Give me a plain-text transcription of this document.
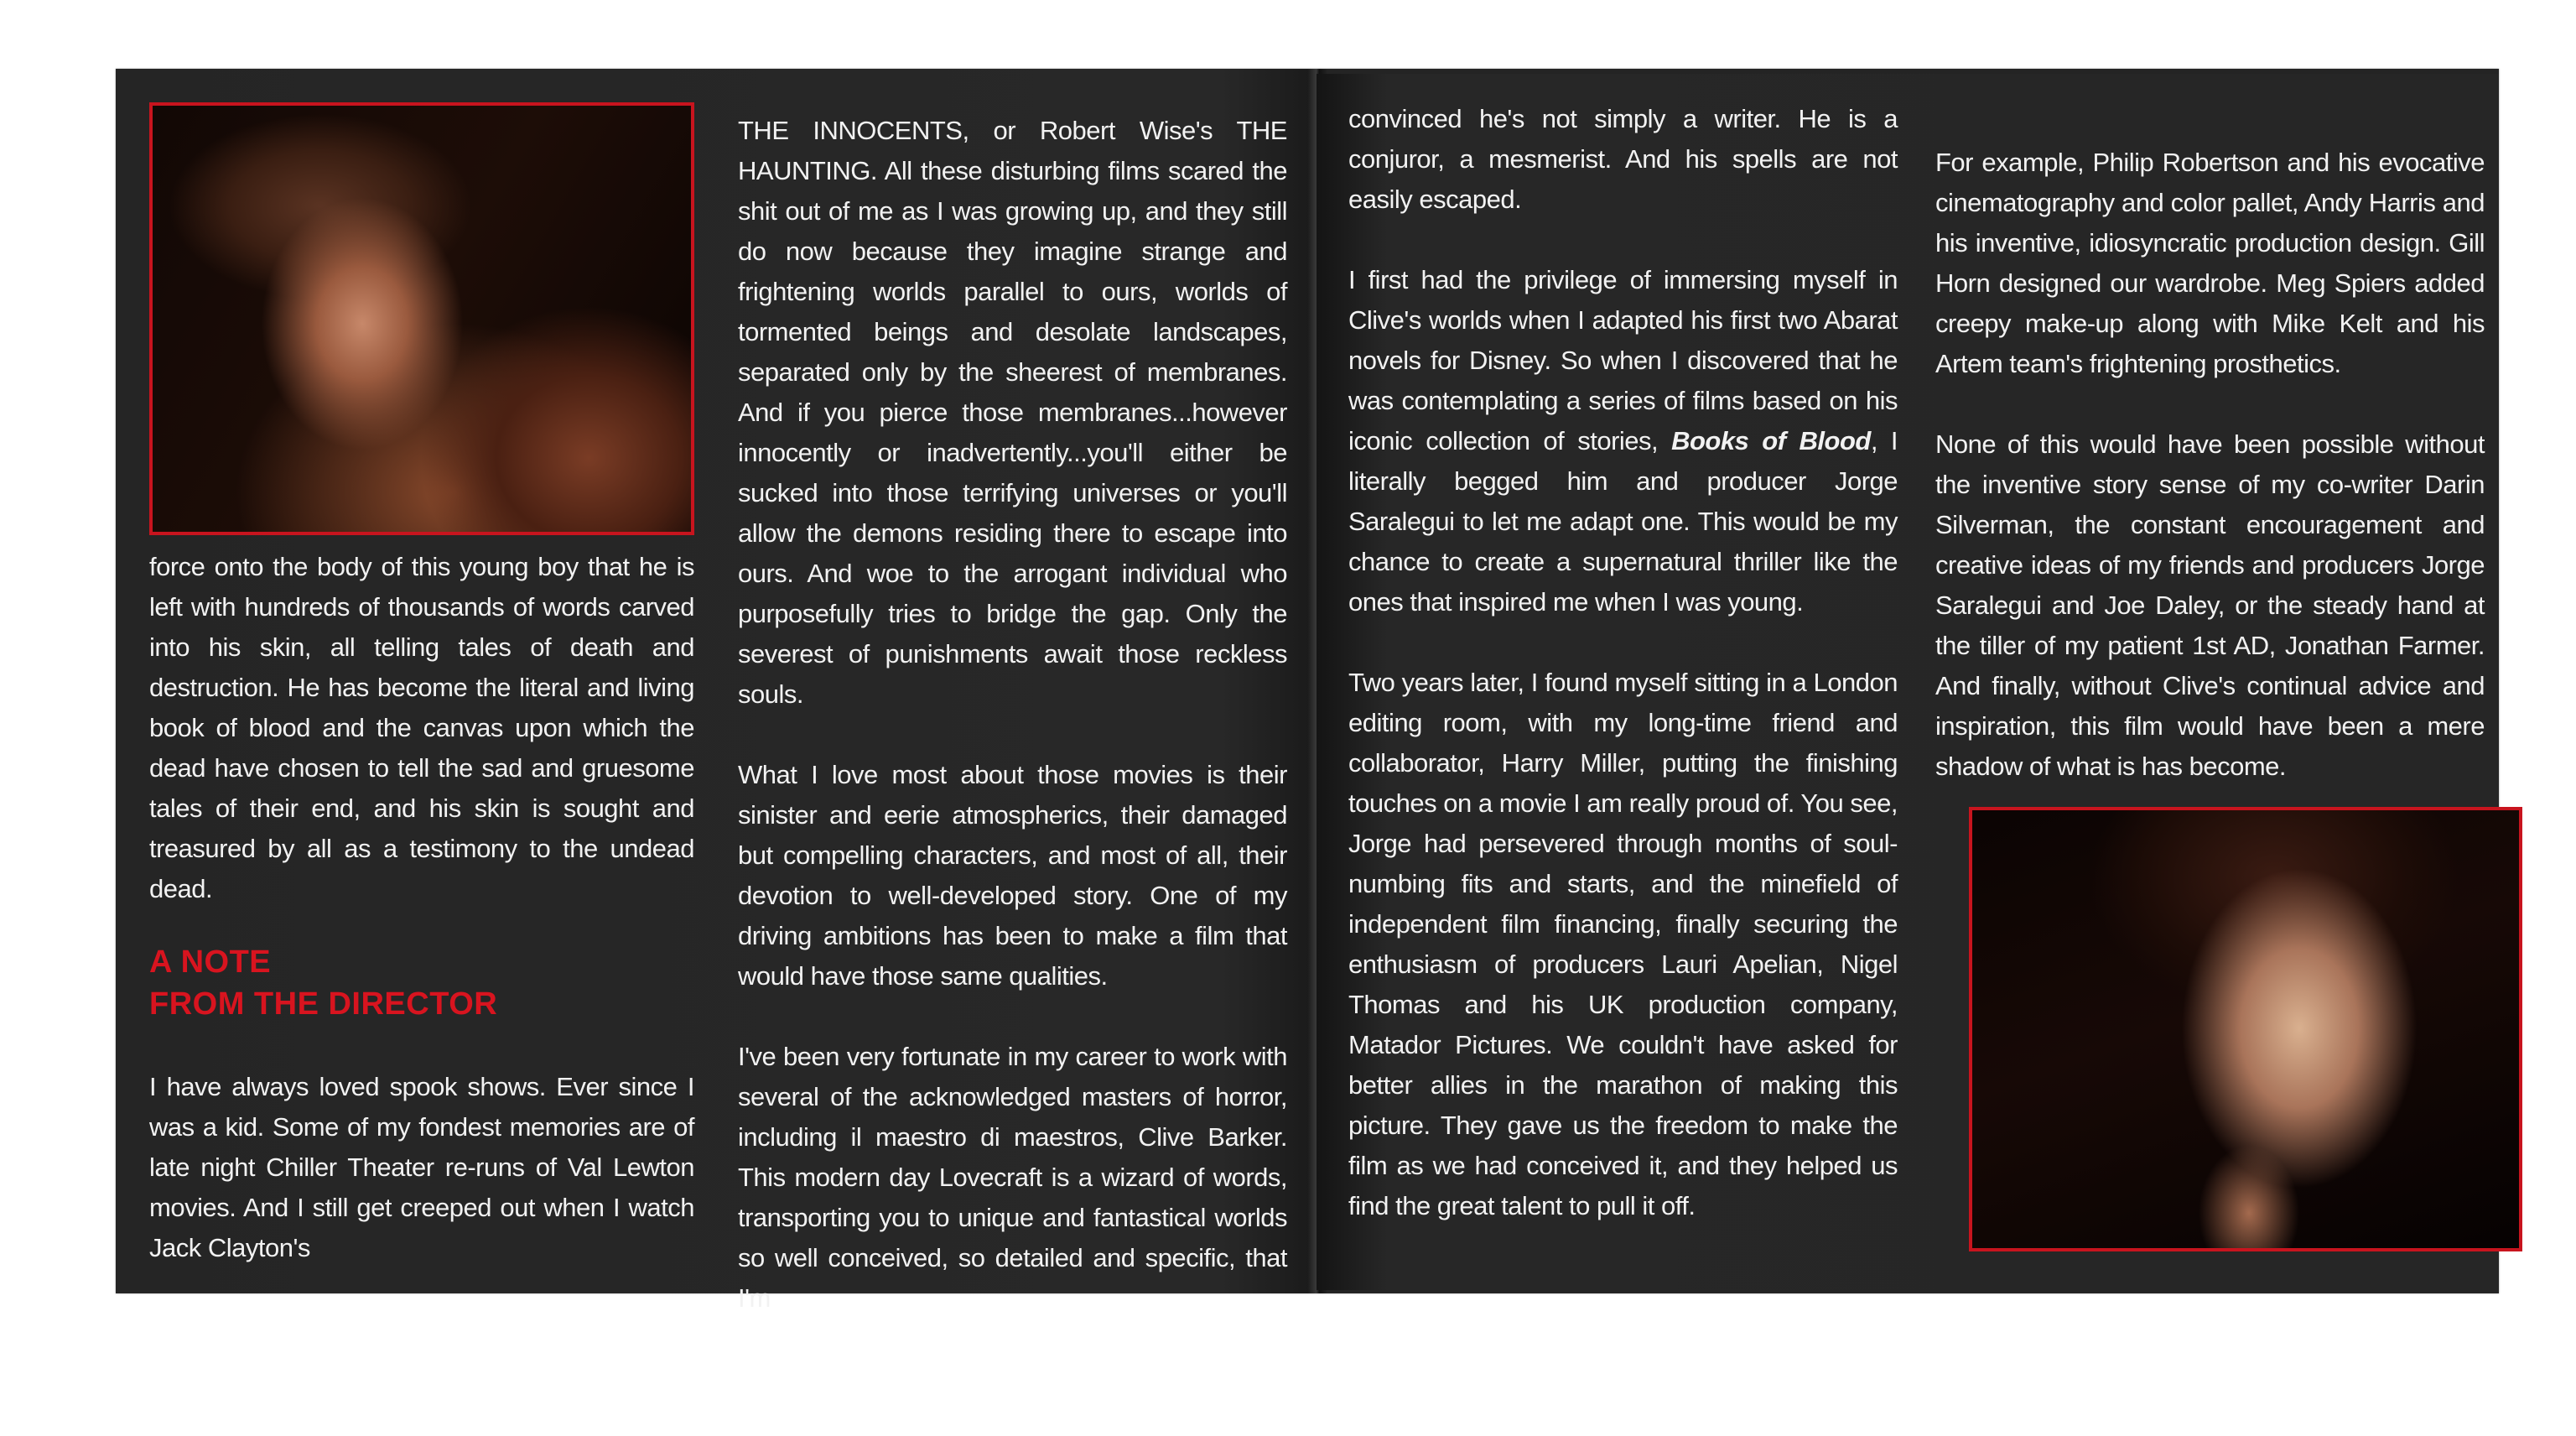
force onto the body of this young boy that he is left with hundreds of thousands of words carved into his skin, all telling tales of death and destruction. He has become the literal and living book of blood and the canvas upon which the dead have chosen to tell the sad and gruesome tales of their end, and his skin is sought and treasured by all as a testimony to the undead dead.

A NOTE
FROM THE DIRECTOR

I have always loved spook shows. Ever since I was a kid. Some of my fondest memories are of late night Chiller Theater re-runs of Val Lewton movies. And I still get creeped out when I watch Jack Clayton's

THE INNOCENTS, or Robert Wise's THE HAUNTING. All these disturbing films scared the shit out of me as I was growing up, and they still do now because they imagine strange and frightening worlds parallel to ours, worlds of tormented beings and desolate landscapes, separated only by the sheerest of membranes. And if you pierce those membranes...however innocently or inadvertently...you'll either be sucked into those terrifying universes or you'll allow the demons residing there to escape into ours. And woe to the arrogant individual who purposefully tries to bridge the gap. Only the severest of punishments await those reckless souls.

What I love most about those movies is their sinister and eerie atmospherics, their damaged but compelling characters, and most of all, their devotion to well-developed story. One of my driving ambitions has been to make a film that would have those same qualities.

I've been very fortunate in my career to work with several of the acknowledged masters of horror, including il maestro di maestros, Clive Barker. This modern day Lovecraft is a wizard of words, transporting you to unique and fantastical worlds so well conceived, so detailed and specific, that I'm

convinced he's not simply a writer. He is a conjuror, a mesmerist. And his spells are not easily escaped.

I first had the privilege of immersing myself in Clive's worlds when I adapted his first two Abarat novels for Disney. So when I discovered that he was contemplating a series of films based on his iconic collection of stories, Books of Blood, I literally begged him and producer Jorge Saralegui to let me adapt one. This would be my chance to create a supernatural thriller like the ones that inspired me when I was young.

Two years later, I found myself sitting in a London editing room, with my long-time friend and collaborator, Harry Miller, putting the finishing touches on a movie I am really proud of. You see, Jorge had persevered through months of soul-numbing fits and starts, and the minefield of independent film financing, finally securing the enthusiasm of producers Lauri Apelian, Nigel Thomas and his UK production company, Matador Pictures. We couldn't have asked for better allies in the marathon of making this picture. They gave us the freedom to make the film as we had conceived it, and they helped us find the great talent to pull it off.

For example, Philip Robertson and his evocative cinematography and color pallet, Andy Harris and his inventive, idiosyncratic production design. Gill Horn designed our wardrobe. Meg Spiers added creepy make-up along with Mike Kelt and his Artem team's frightening prosthetics.

None of this would have been possible without the inventive story sense of my co-writer Darin Silverman, the constant encouragement and creative ideas of my friends and producers Jorge Saralegui and Joe Daley, or the steady hand at the tiller of my patient 1st AD, Jonathan Farmer. And finally, without Clive's continual advice and inspiration, this film would have been a mere shadow of what is has become.
